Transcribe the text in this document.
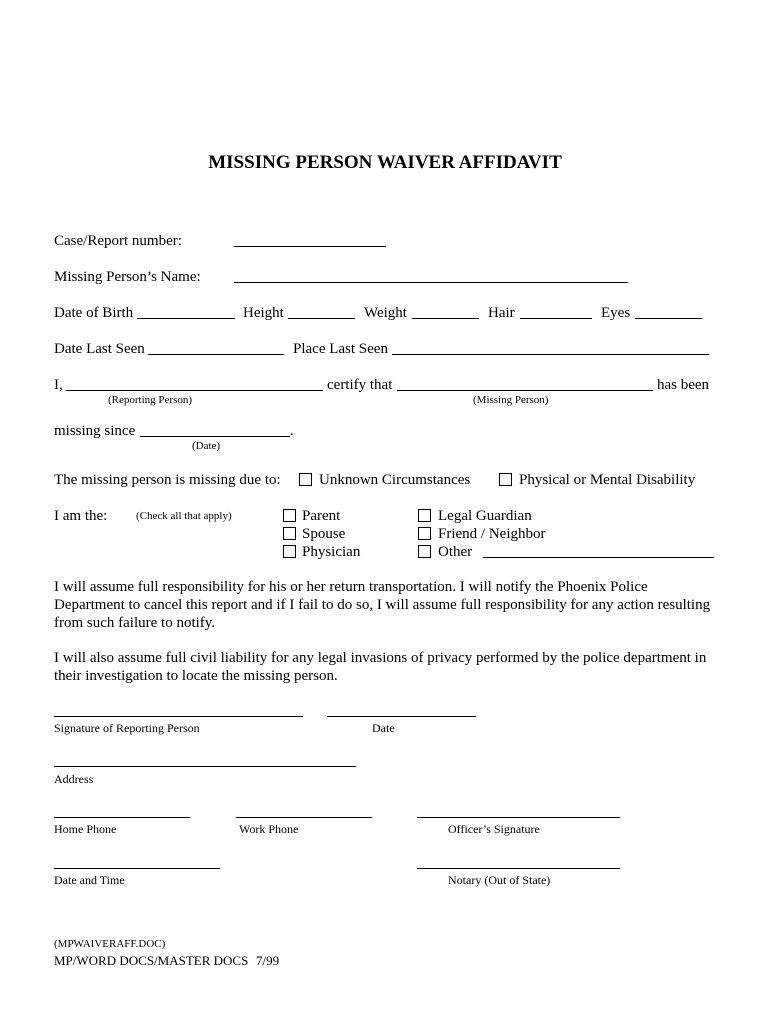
MISSING PERSON WAIVER AFFIDAVIT
Case/Report number:
Missing Person’s Name:
Date of Birth	Height	Weight	Hair	Eyes
Date Last Seen	Place Last Seen
I,	certify that	has been
(Reporting Person)	(Missing Person)
missing since	.
(Date)
The missing person is missing due to:	Unknown Circumstances	Physical or Mental Disability
I am the:	(Check all that apply)	Parent
Spouse
Physician
Legal Guardian
Friend / Neighbor
Other
I will assume full responsibility for his or her return transportation. I will notify the Phoenix Police
Department to cancel this report and if I fail to do so, I will assume full responsibility for any action resulting
from such failure to notify.
I will also assume full civil liability for any legal invasions of privacy performed by the police department in
their investigation to locate the missing person.
Signature of Reporting Person	Date
Address
Home Phone	Work Phone	Officer’s Signature
Date and Time	Notary (Out of State)
(MPWAIVERAFF.DOC)
MP/WORD DOCS/MASTER DOCS 7/99
